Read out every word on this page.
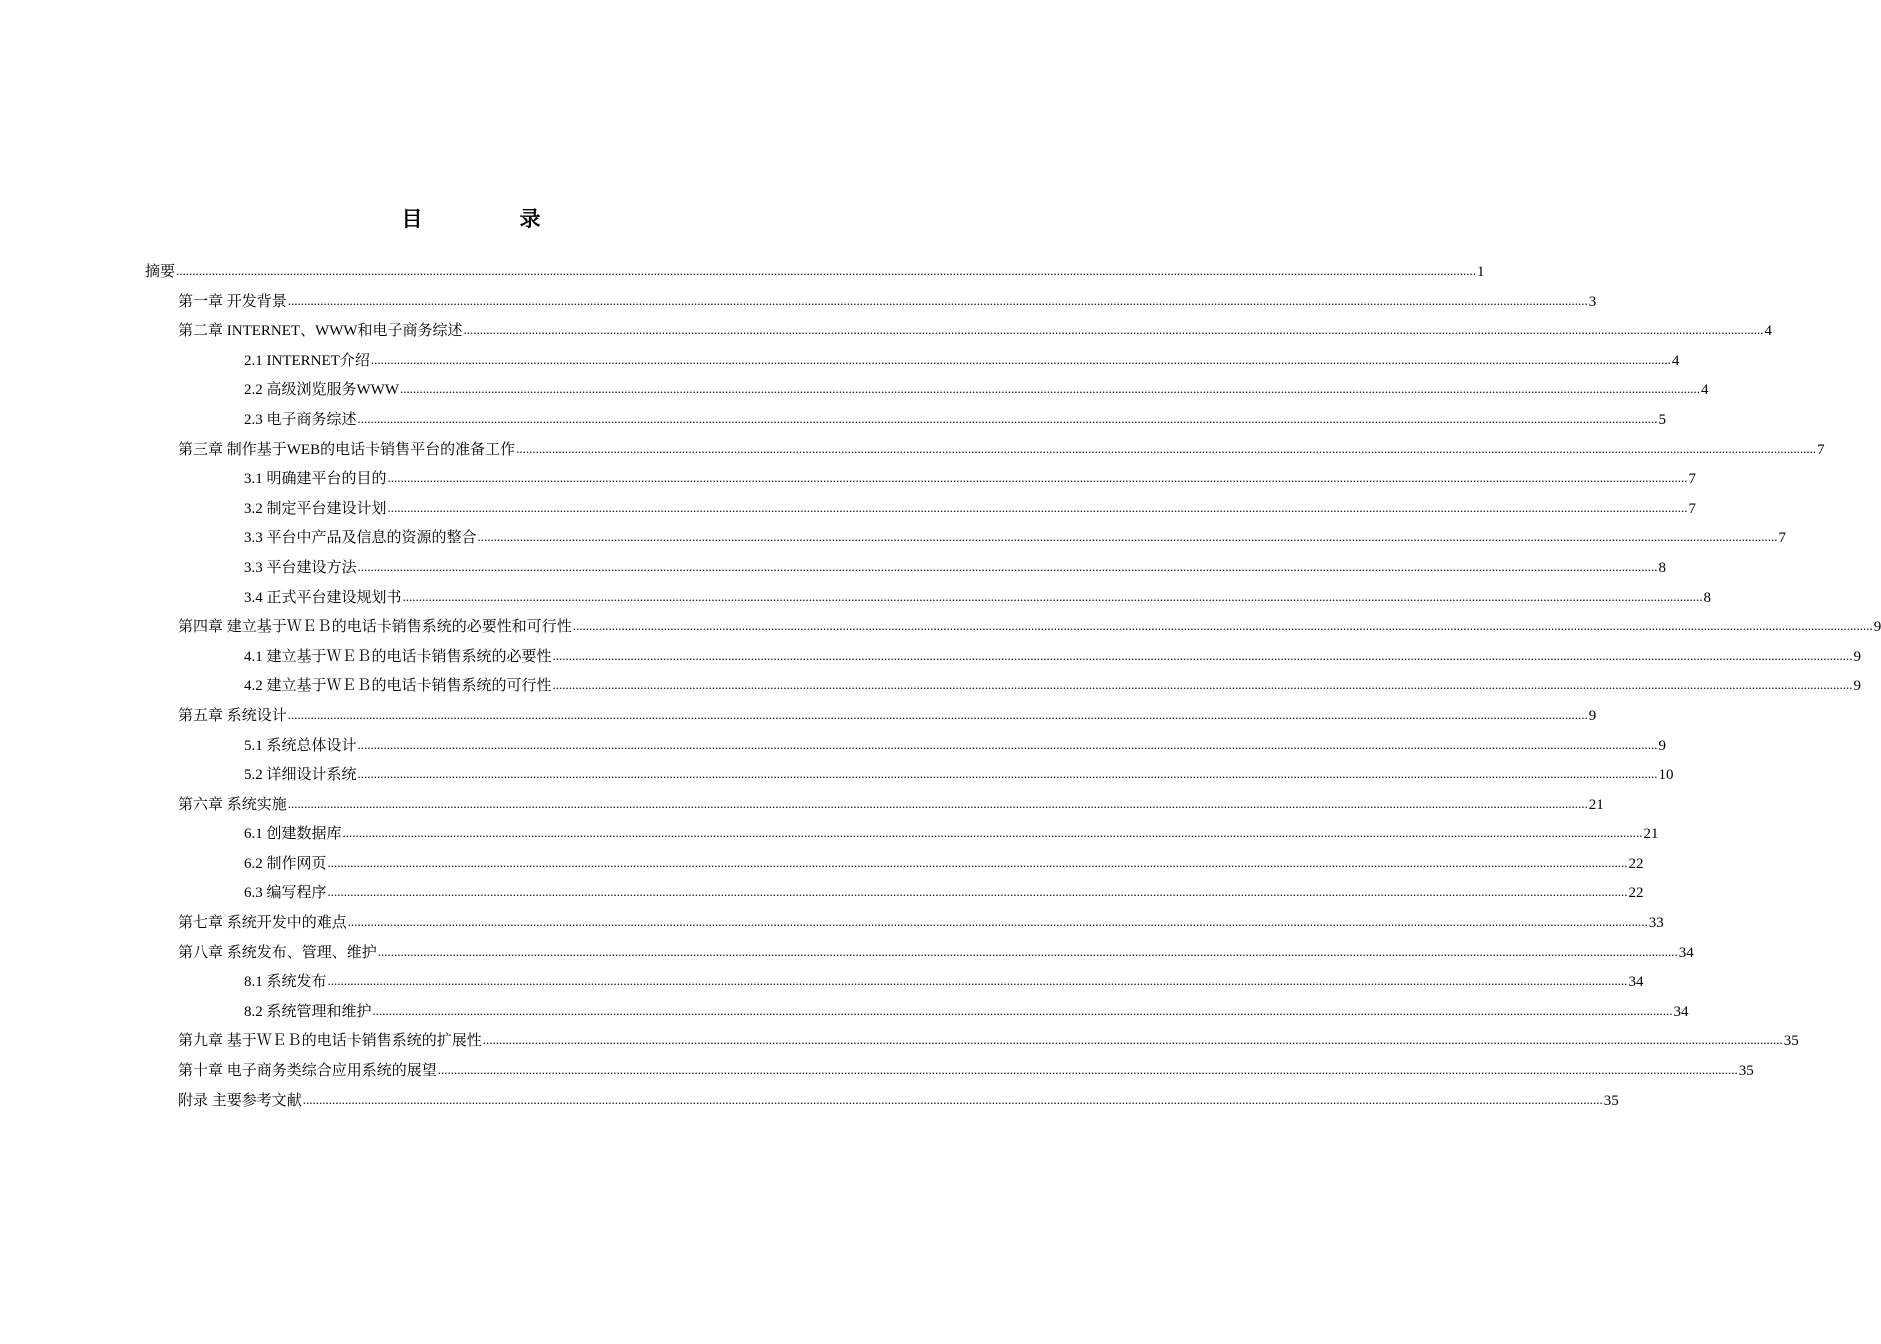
目　录
摘要 ................................................................................................................................................................................................................................................................................................................................................................................................................ 1
第一章 开发背景 ................................................................................................................................................................................................................................................................................................................................................................................................................ 3
第二章 INTERNET、WWW和电子商务综述 ................................................................................................................................................................................................................................................................................................................................................................................................................ 4
2.1 INTERNET介绍 ................................................................................................................................................................................................................................................................................................................................................................................................................ 4
2.2 高级浏览服务WWW ................................................................................................................................................................................................................................................................................................................................................................................................................ 4
2.3 电子商务综述 ................................................................................................................................................................................................................................................................................................................................................................................................................ 5
第三章 制作基于WEB的电话卡销售平台的准备工作 ................................................................................................................................................................................................................................................................................................................................................................................................................ 7
3.1 明确建平台的目的 ................................................................................................................................................................................................................................................................................................................................................................................................................ 7
3.2 制定平台建设计划 ................................................................................................................................................................................................................................................................................................................................................................................................................ 7
3.3 平台中产品及信息的资源的整合 ................................................................................................................................................................................................................................................................................................................................................................................................................ 7
3.3 平台建设方法 ................................................................................................................................................................................................................................................................................................................................................................................................................ 8
3.4 正式平台建设规划书 ................................................................................................................................................................................................................................................................................................................................................................................................................ 8
第四章 建立基于ＷＥＢ的电话卡销售系统的必要性和可行性 ................................................................................................................................................................................................................................................................................................................................................................................................................ 9
4.1 建立基于ＷＥＢ的电话卡销售系统的必要性 ................................................................................................................................................................................................................................................................................................................................................................................................................ 9
4.2 建立基于ＷＥＢ的电话卡销售系统的可行性 ................................................................................................................................................................................................................................................................................................................................................................................................................ 9
第五章 系统设计 ................................................................................................................................................................................................................................................................................................................................................................................................................ 9
5.1 系统总体设计 ................................................................................................................................................................................................................................................................................................................................................................................................................ 9
5.2 详细设计系统 ................................................................................................................................................................................................................................................................................................................................................................................................................ 10
第六章 系统实施 ................................................................................................................................................................................................................................................................................................................................................................................................................ 21
6.1 创建数据库 ................................................................................................................................................................................................................................................................................................................................................................................................................ 21
6.2 制作网页 ................................................................................................................................................................................................................................................................................................................................................................................................................ 22
6.3 编写程序 ................................................................................................................................................................................................................................................................................................................................................................................................................ 22
第七章 系统开发中的难点 ................................................................................................................................................................................................................................................................................................................................................................................................................ 33
第八章 系统发布、管理、维护 ................................................................................................................................................................................................................................................................................................................................................................................................................ 34
8.1 系统发布 ................................................................................................................................................................................................................................................................................................................................................................................................................ 34
8.2 系统管理和维护 ................................................................................................................................................................................................................................................................................................................................................................................................................ 34
第九章 基于ＷＥＢ的电话卡销售系统的扩展性 ................................................................................................................................................................................................................................................................................................................................................................................................................ 35
第十章 电子商务类综合应用系统的展望 ................................................................................................................................................................................................................................................................................................................................................................................................................ 35
附录 主要参考文献 ................................................................................................................................................................................................................................................................................................................................................................................................................ 35
